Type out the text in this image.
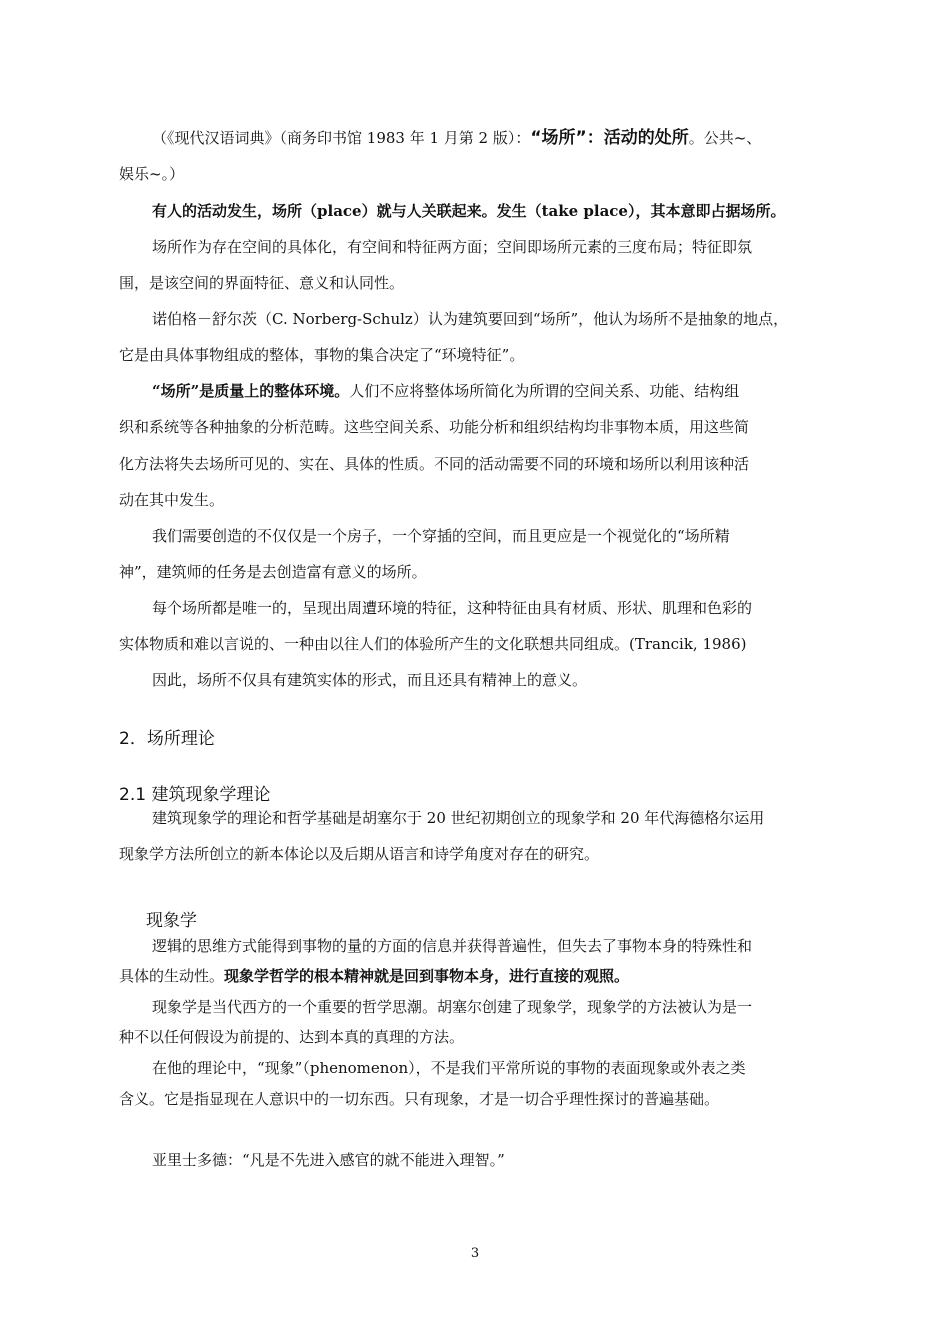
（《现代汉语词典》（商务印书馆 1983 年 1 月第 2 版）：“场所”：活动的处所。公共~、
娱乐~。）
有人的活动发生，场所（place）就与人关联起来。发生（take place），其本意即占据场所。
场所作为存在空间的具体化，有空间和特征两方面；空间即场所元素的三度布局；特征即氛
围，是该空间的界面特征、意义和认同性。
诺伯格－舒尔茨（C. Norberg-Schulz）认为建筑要回到“场所”，他认为场所不是抽象的地点，
它是由具体事物组成的整体，事物的集合决定了“环境特征”。
“场所”是质量上的整体环境。人们不应将整体场所简化为所谓的空间关系、功能、结构组
织和系统等各种抽象的分析范畴。这些空间关系、功能分析和组织结构均非事物本质，用这些简
化方法将失去场所可见的、实在、具体的性质。不同的活动需要不同的环境和场所以利用该种活
动在其中发生。
我们需要创造的不仅仅是一个房子，一个穿插的空间，而且更应是一个视觉化的“场所精
神”，建筑师的任务是去创造富有意义的场所。
每个场所都是唯一的，呈现出周遭环境的特征，这种特征由具有材质、形状、肌理和色彩的
实体物质和难以言说的、一种由以往人们的体验所产生的文化联想共同组成。(Trancik, 1986)
因此，场所不仅具有建筑实体的形式，而且还具有精神上的意义。
2．场所理论
2.1 建筑现象学理论
建筑现象学的理论和哲学基础是胡塞尔于 20 世纪初期创立的现象学和 20 年代海德格尔运用
现象学方法所创立的新本体论以及后期从语言和诗学角度对存在的研究。
现象学
逻辑的思维方式能得到事物的量的方面的信息并获得普遍性，但失去了事物本身的特殊性和
具体的生动性。现象学哲学的根本精神就是回到事物本身，进行直接的观照。
现象学是当代西方的一个重要的哲学思潮。胡塞尔创建了现象学，现象学的方法被认为是一
种不以任何假设为前提的、达到本真的真理的方法。
在他的理论中，“现象”（phenomenon），不是我们平常所说的事物的表面现象或外表之类
含义。它是指显现在人意识中的一切东西。只有现象，才是一切合乎理性探讨的普遍基础。
亚里士多德：“凡是不先进入感官的就不能进入理智。”
3
